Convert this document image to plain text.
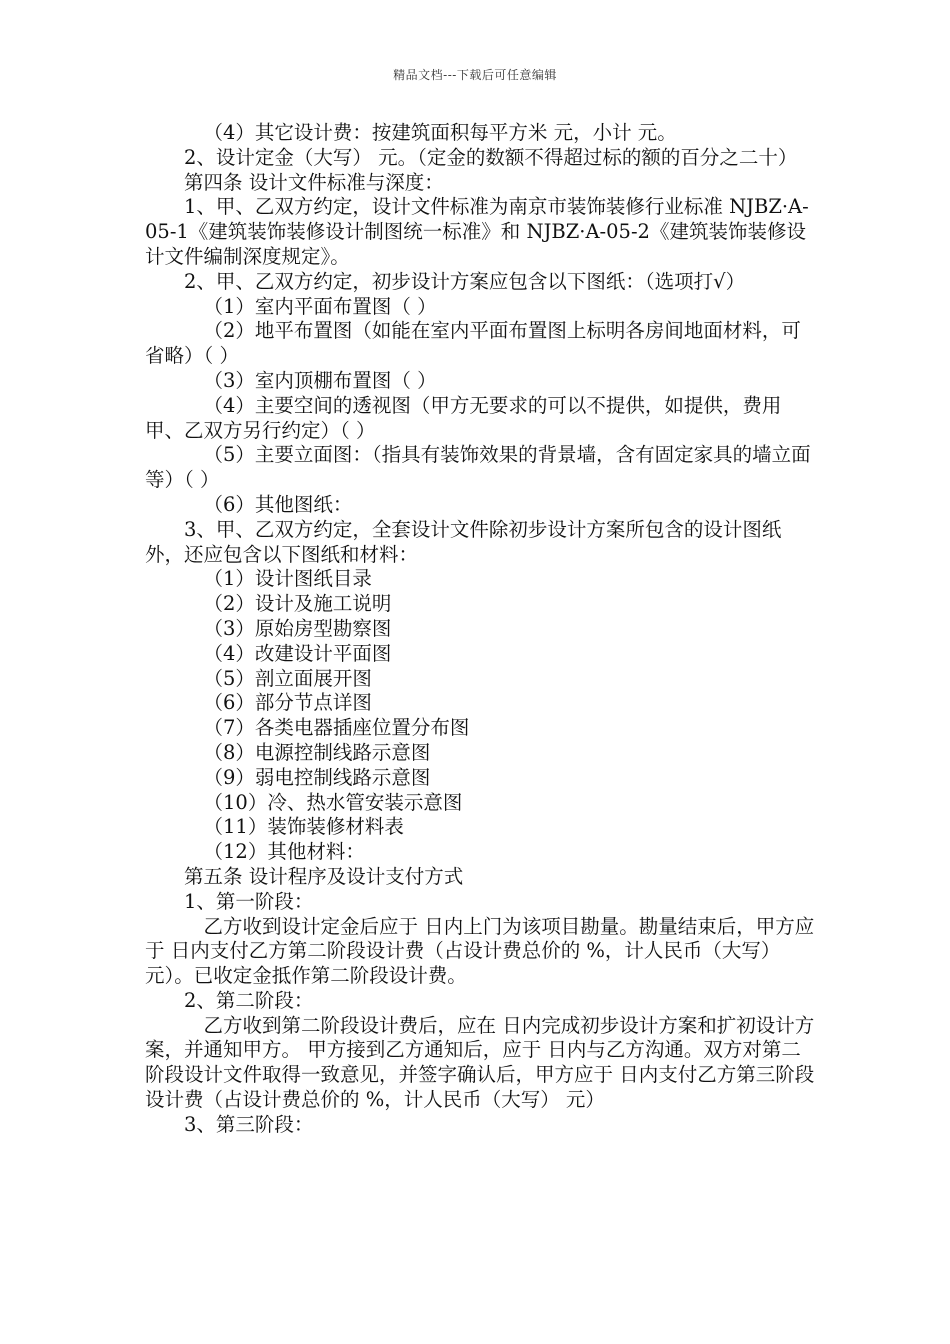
精品文档---下载后可任意编辑

（4）其它设计费：按建筑面积每平方米 元，小计 元。

2、设计定金（大写） 元。（定金的数额不得超过标的额的百分之二十）

第四条 设计文件标准与深度：

1、甲、乙双方约定，设计文件标准为南京市装饰装修行业标准 NJBZ·A-05-1《建筑装饰装修设计制图统一标准》和 NJBZ·A-05-2《建筑装饰装修设计文件编制深度规定》。

2、甲、乙双方约定，初步设计方案应包含以下图纸：（选项打√）

（1）室内平面布置图（ ）

（2）地平布置图（如能在室内平面布置图上标明各房间地面材料，可省略）（ ）

（3）室内顶棚布置图（ ）

（4）主要空间的透视图（甲方无要求的可以不提供，如提供，费用甲、乙双方另行约定）（ ）

（5）主要立面图：（指具有装饰效果的背景墙，含有固定家具的墙立面等）（ ）

（6）其他图纸：

3、甲、乙双方约定，全套设计文件除初步设计方案所包含的设计图纸外，还应包含以下图纸和材料：

（1）设计图纸目录

（2）设计及施工说明

（3）原始房型勘察图

（4）改建设计平面图

（5）剖立面展开图

（6）部分节点详图

（7）各类电器插座位置分布图

（8）电源控制线路示意图

（9）弱电控制线路示意图

（10）冷、热水管安装示意图

（11）装饰装修材料表

（12）其他材料：

第五条 设计程序及设计支付方式

1、第一阶段：

乙方收到设计定金后应于 日内上门为该项目勘量。勘量结束后，甲方应于 日内支付乙方第二阶段设计费（占设计费总价的 %，计人民币（大写） 元）。已收定金抵作第二阶段设计费。

2、第二阶段：

乙方收到第二阶段设计费后，应在 日内完成初步设计方案和扩初设计方案，并通知甲方。 甲方接到乙方通知后，应于 日内与乙方沟通。双方对第二阶段设计文件取得一致意见，并签字确认后，甲方应于 日内支付乙方第三阶段设计费（占设计费总价的 %，计人民币（大写） 元）

3、第三阶段：
